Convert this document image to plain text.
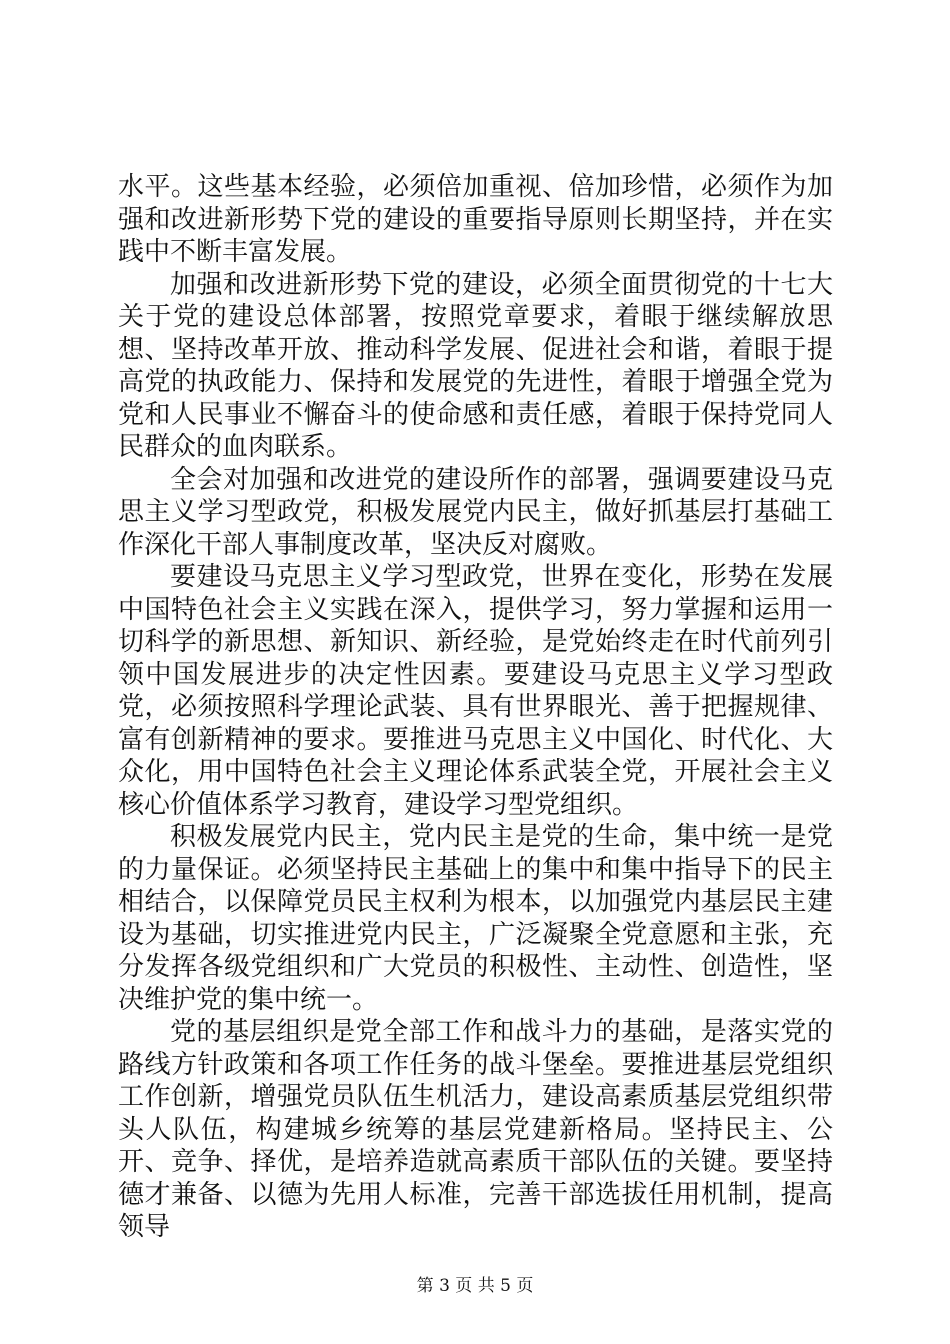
水平。这些基本经验，必须倍加重视、倍加珍惜，必须作为加强和改进新形势下党的建设的重要指导原则长期坚持，并在实践中不断丰富发展。

加强和改进新形势下党的建设，必须全面贯彻党的十七大关于党的建设总体部署，按照党章要求，着眼于继续解放思想、坚持改革开放、推动科学发展、促进社会和谐，着眼于提高党的执政能力、保持和发展党的先进性，着眼于增强全党为党和人民事业不懈奋斗的使命感和责任感，着眼于保持党同人民群众的血肉联系。

全会对加强和改进党的建设所作的部署，强调要建设马克思主义学习型政党，积极发展党内民主，做好抓基层打基础工作深化干部人事制度改革，坚决反对腐败。

要建设马克思主义学习型政党，世界在变化，形势在发展中国特色社会主义实践在深入，提供学习，努力掌握和运用一切科学的新思想、新知识、新经验，是党始终走在时代前列引领中国发展进步的决定性因素。要建设马克思主义学习型政党，必须按照科学理论武装、具有世界眼光、善于把握规律、富有创新精神的要求。要推进马克思主义中国化、时代化、大众化，用中国特色社会主义理论体系武装全党，开展社会主义核心价值体系学习教育，建设学习型党组织。

积极发展党内民主，党内民主是党的生命，集中统一是党的力量保证。必须坚持民主基础上的集中和集中指导下的民主相结合，以保障党员民主权利为根本，以加强党内基层民主建设为基础，切实推进党内民主，广泛凝聚全党意愿和主张，充分发挥各级党组织和广大党员的积极性、主动性、创造性，坚决维护党的集中统一。

党的基层组织是党全部工作和战斗力的基础，是落实党的路线方针政策和各项工作任务的战斗堡垒。要推进基层党组织工作创新，增强党员队伍生机活力，建设高素质基层党组织带头人队伍，构建城乡统筹的基层党建新格局。坚持民主、公开、竞争、择优，是培养造就高素质干部队伍的关键。要坚持德才兼备、以德为先用人标准，完善干部选拔任用机制，提高领导

第 3 页 共 5 页
